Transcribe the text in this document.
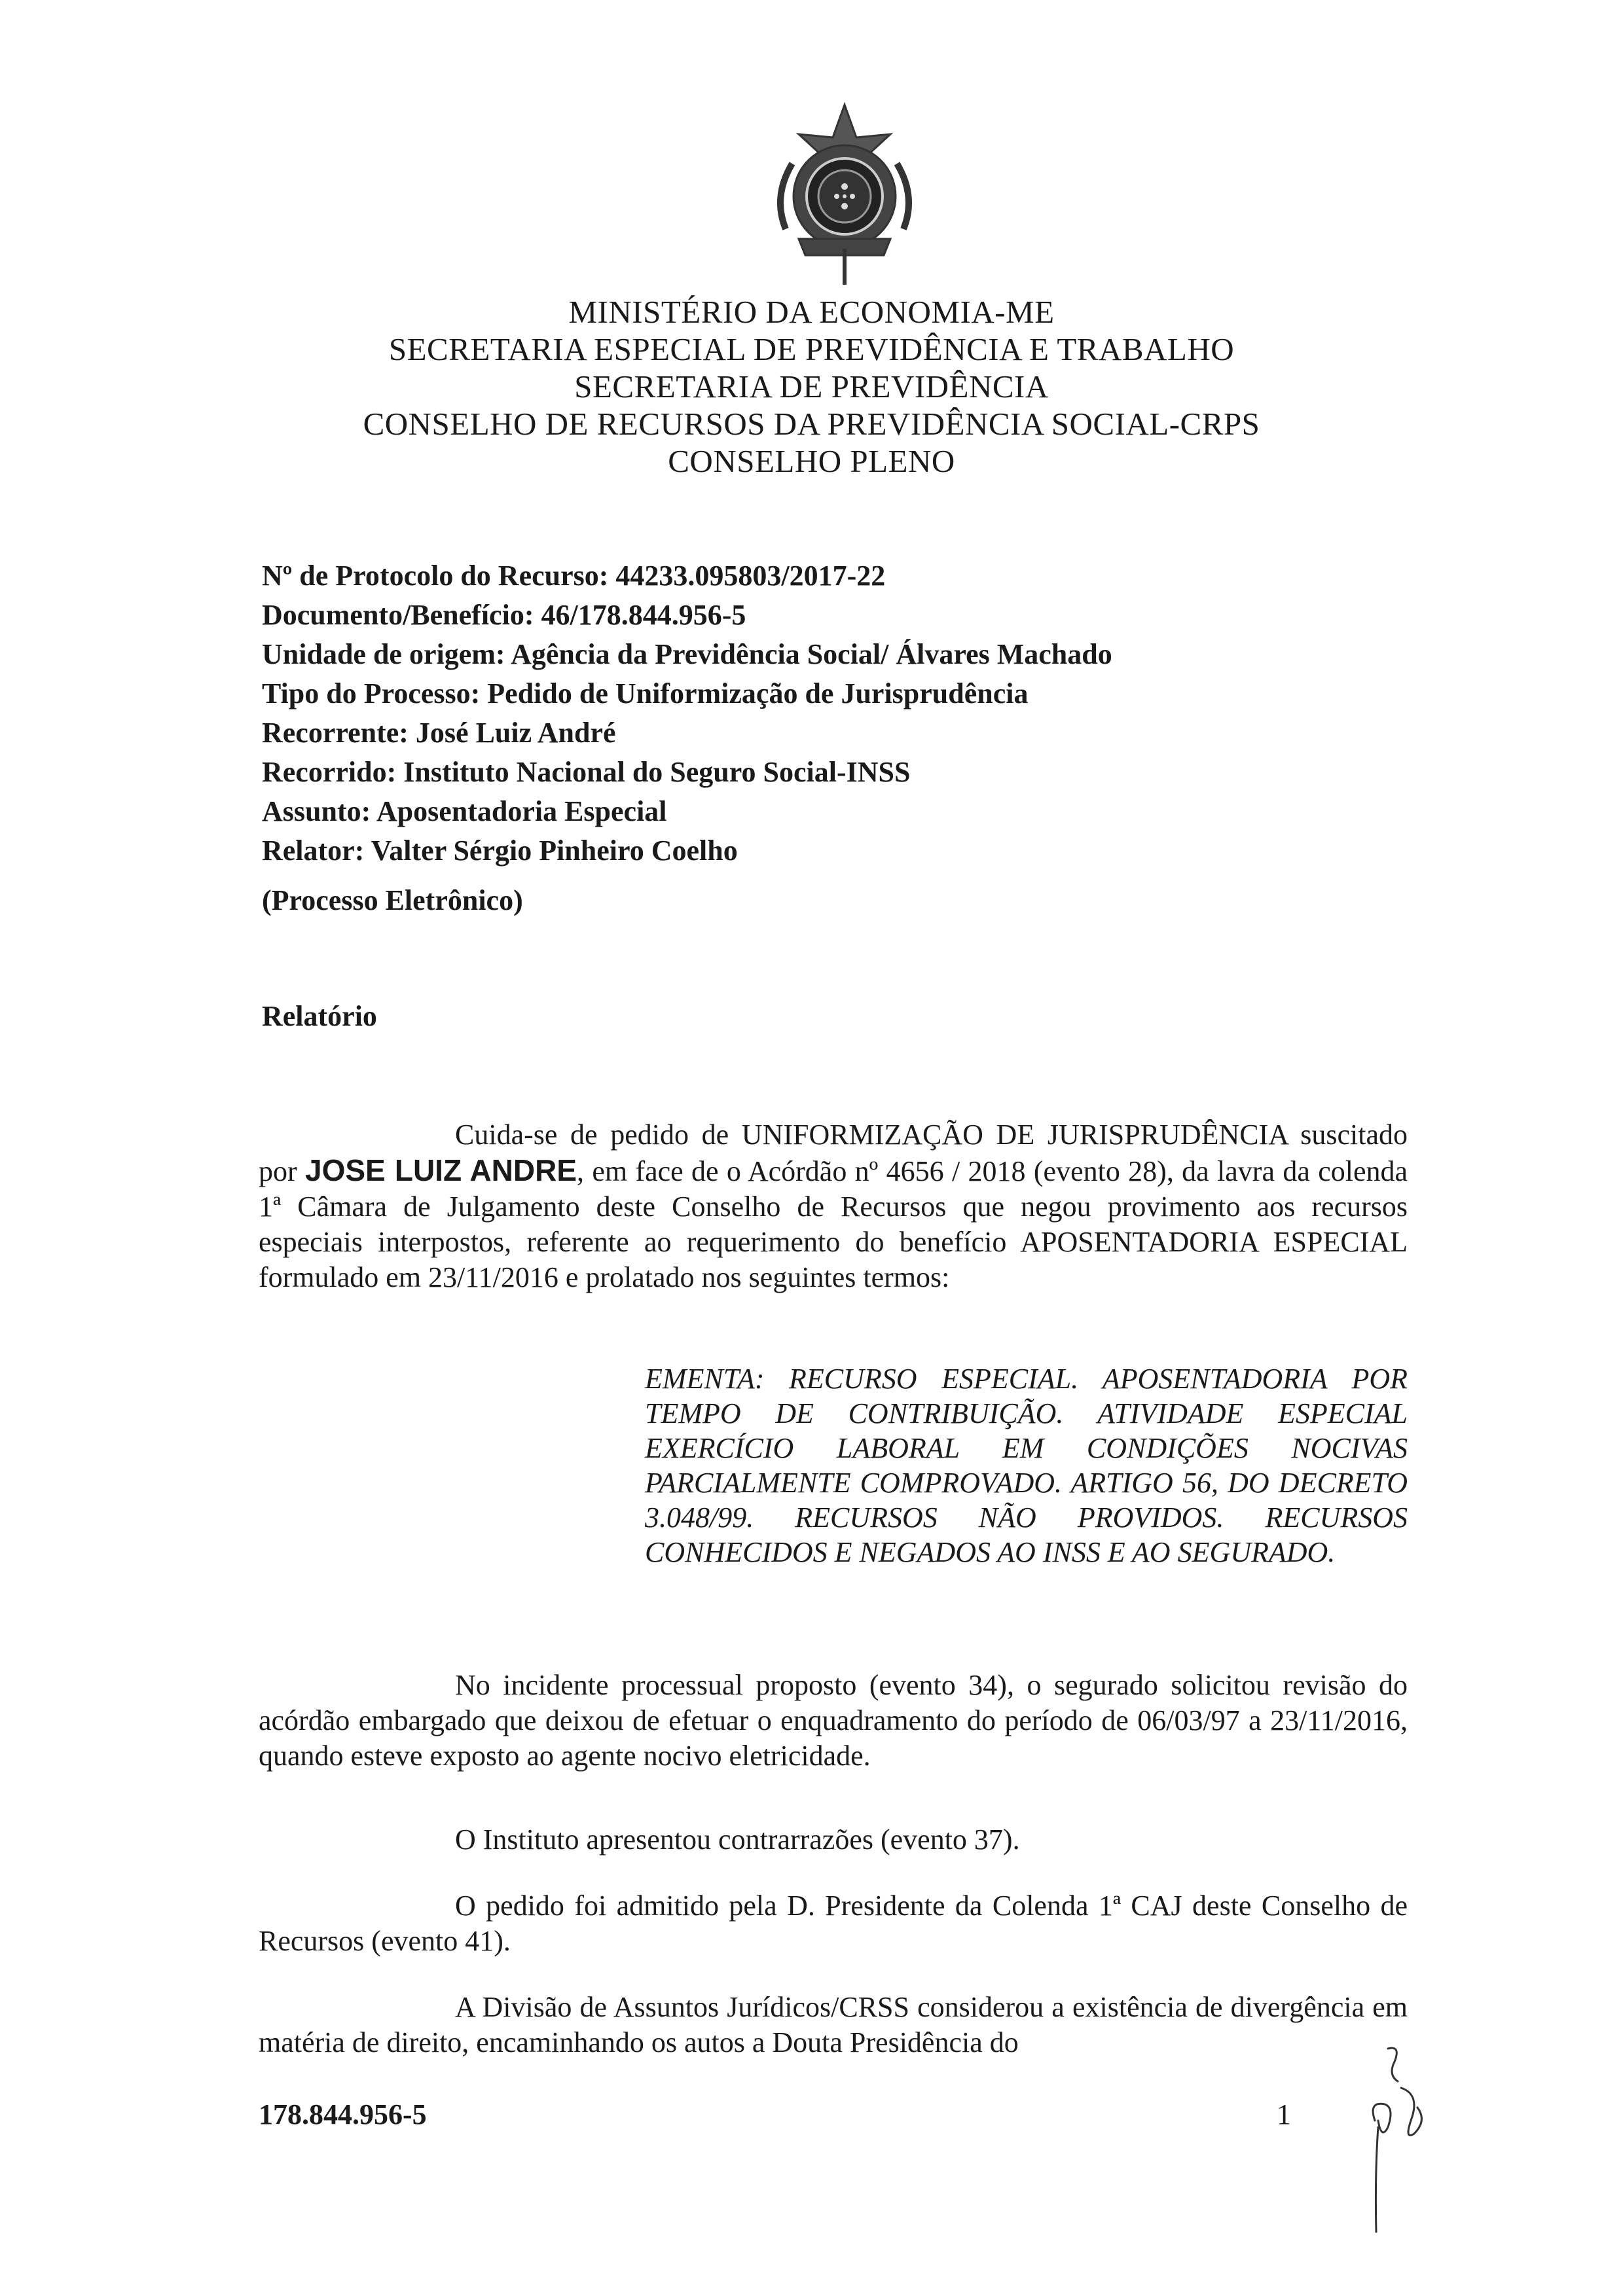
MINISTÉRIO DA ECONOMIA-ME
SECRETARIA ESPECIAL DE PREVIDÊNCIA E TRABALHO
SECRETARIA DE PREVIDÊNCIA
CONSELHO DE RECURSOS DA PREVIDÊNCIA SOCIAL-CRPS
CONSELHO PLENO
Nº de Protocolo do Recurso: 44233.095803/2017-22
Documento/Benefício: 46/178.844.956-5
Unidade de origem: Agência da Previdência Social/ Álvares Machado
Tipo do Processo: Pedido de Uniformização de Jurisprudência
Recorrente: José Luiz André
Recorrido: Instituto Nacional do Seguro Social-INSS
Assunto: Aposentadoria Especial
Relator: Valter Sérgio Pinheiro Coelho
(Processo Eletrônico)
Relatório
Cuida-se de pedido de UNIFORMIZAÇÃO DE JURISPRUDÊNCIA suscitado por JOSE LUIZ ANDRE, em face de o Acórdão nº 4656 / 2018 (evento 28), da lavra da colenda 1ª Câmara de Julgamento deste Conselho de Recursos que negou provimento aos recursos especiais interpostos, referente ao requerimento do benefício APOSENTADORIA ESPECIAL formulado em 23/11/2016 e prolatado nos seguintes termos:
EMENTA: RECURSO ESPECIAL. APOSENTADORIA POR TEMPO DE CONTRIBUIÇÃO. ATIVIDADE ESPECIAL EXERCÍCIO LABORAL EM CONDIÇÕES NOCIVAS PARCIALMENTE COMPROVADO. ARTIGO 56, DO DECRETO 3.048/99. RECURSOS NÃO PROVIDOS. RECURSOS CONHECIDOS E NEGADOS AO INSS E AO SEGURADO.
No incidente processual proposto (evento 34), o segurado solicitou revisão do acórdão embargado que deixou de efetuar o enquadramento do período de 06/03/97 a 23/11/2016, quando esteve exposto ao agente nocivo eletricidade.
O Instituto apresentou contrarrazões (evento 37).
O pedido foi admitido pela D. Presidente da Colenda 1ª CAJ deste Conselho de Recursos (evento 41).
A Divisão de Assuntos Jurídicos/CRSS considerou a existência de divergência em matéria de direito, encaminhando os autos a Douta Presidência do
178.844.956-5	1
